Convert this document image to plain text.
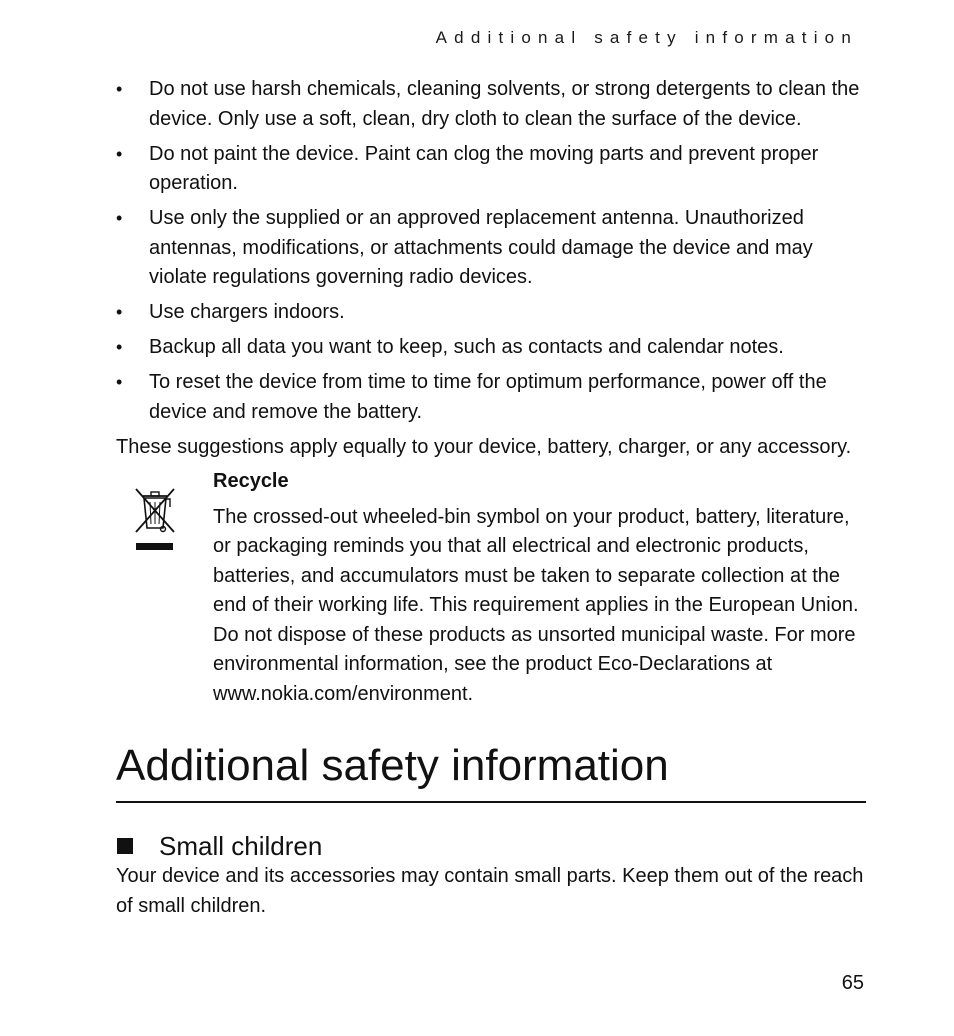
Additional safety information
• Do not use harsh chemicals, cleaning solvents, or strong detergents to clean the device. Only use a soft, clean, dry cloth to clean the surface of the device.
• Do not paint the device. Paint can clog the moving parts and prevent proper operation.
• Use only the supplied or an approved replacement antenna. Unauthorized antennas, modifications, or attachments could damage the device and may violate regulations governing radio devices.
• Use chargers indoors.
• Backup all data you want to keep, such as contacts and calendar notes.
• To reset the device from time to time for optimum performance, power off the device and remove the battery.

These suggestions apply equally to your device, battery, charger, or any accessory.

Recycle

The crossed-out wheeled-bin symbol on your product, battery, literature, or packaging reminds you that all electrical and electronic products, batteries, and accumulators must be taken to separate collection at the end of their working life. This requirement applies in the European Union. Do not dispose of these products as unsorted municipal waste. For more environmental information, see the product Eco-Declarations at www.nokia.com/environment.

Additional safety information
Small children

Your device and its accessories may contain small parts. Keep them out of the reach of small children.

65
